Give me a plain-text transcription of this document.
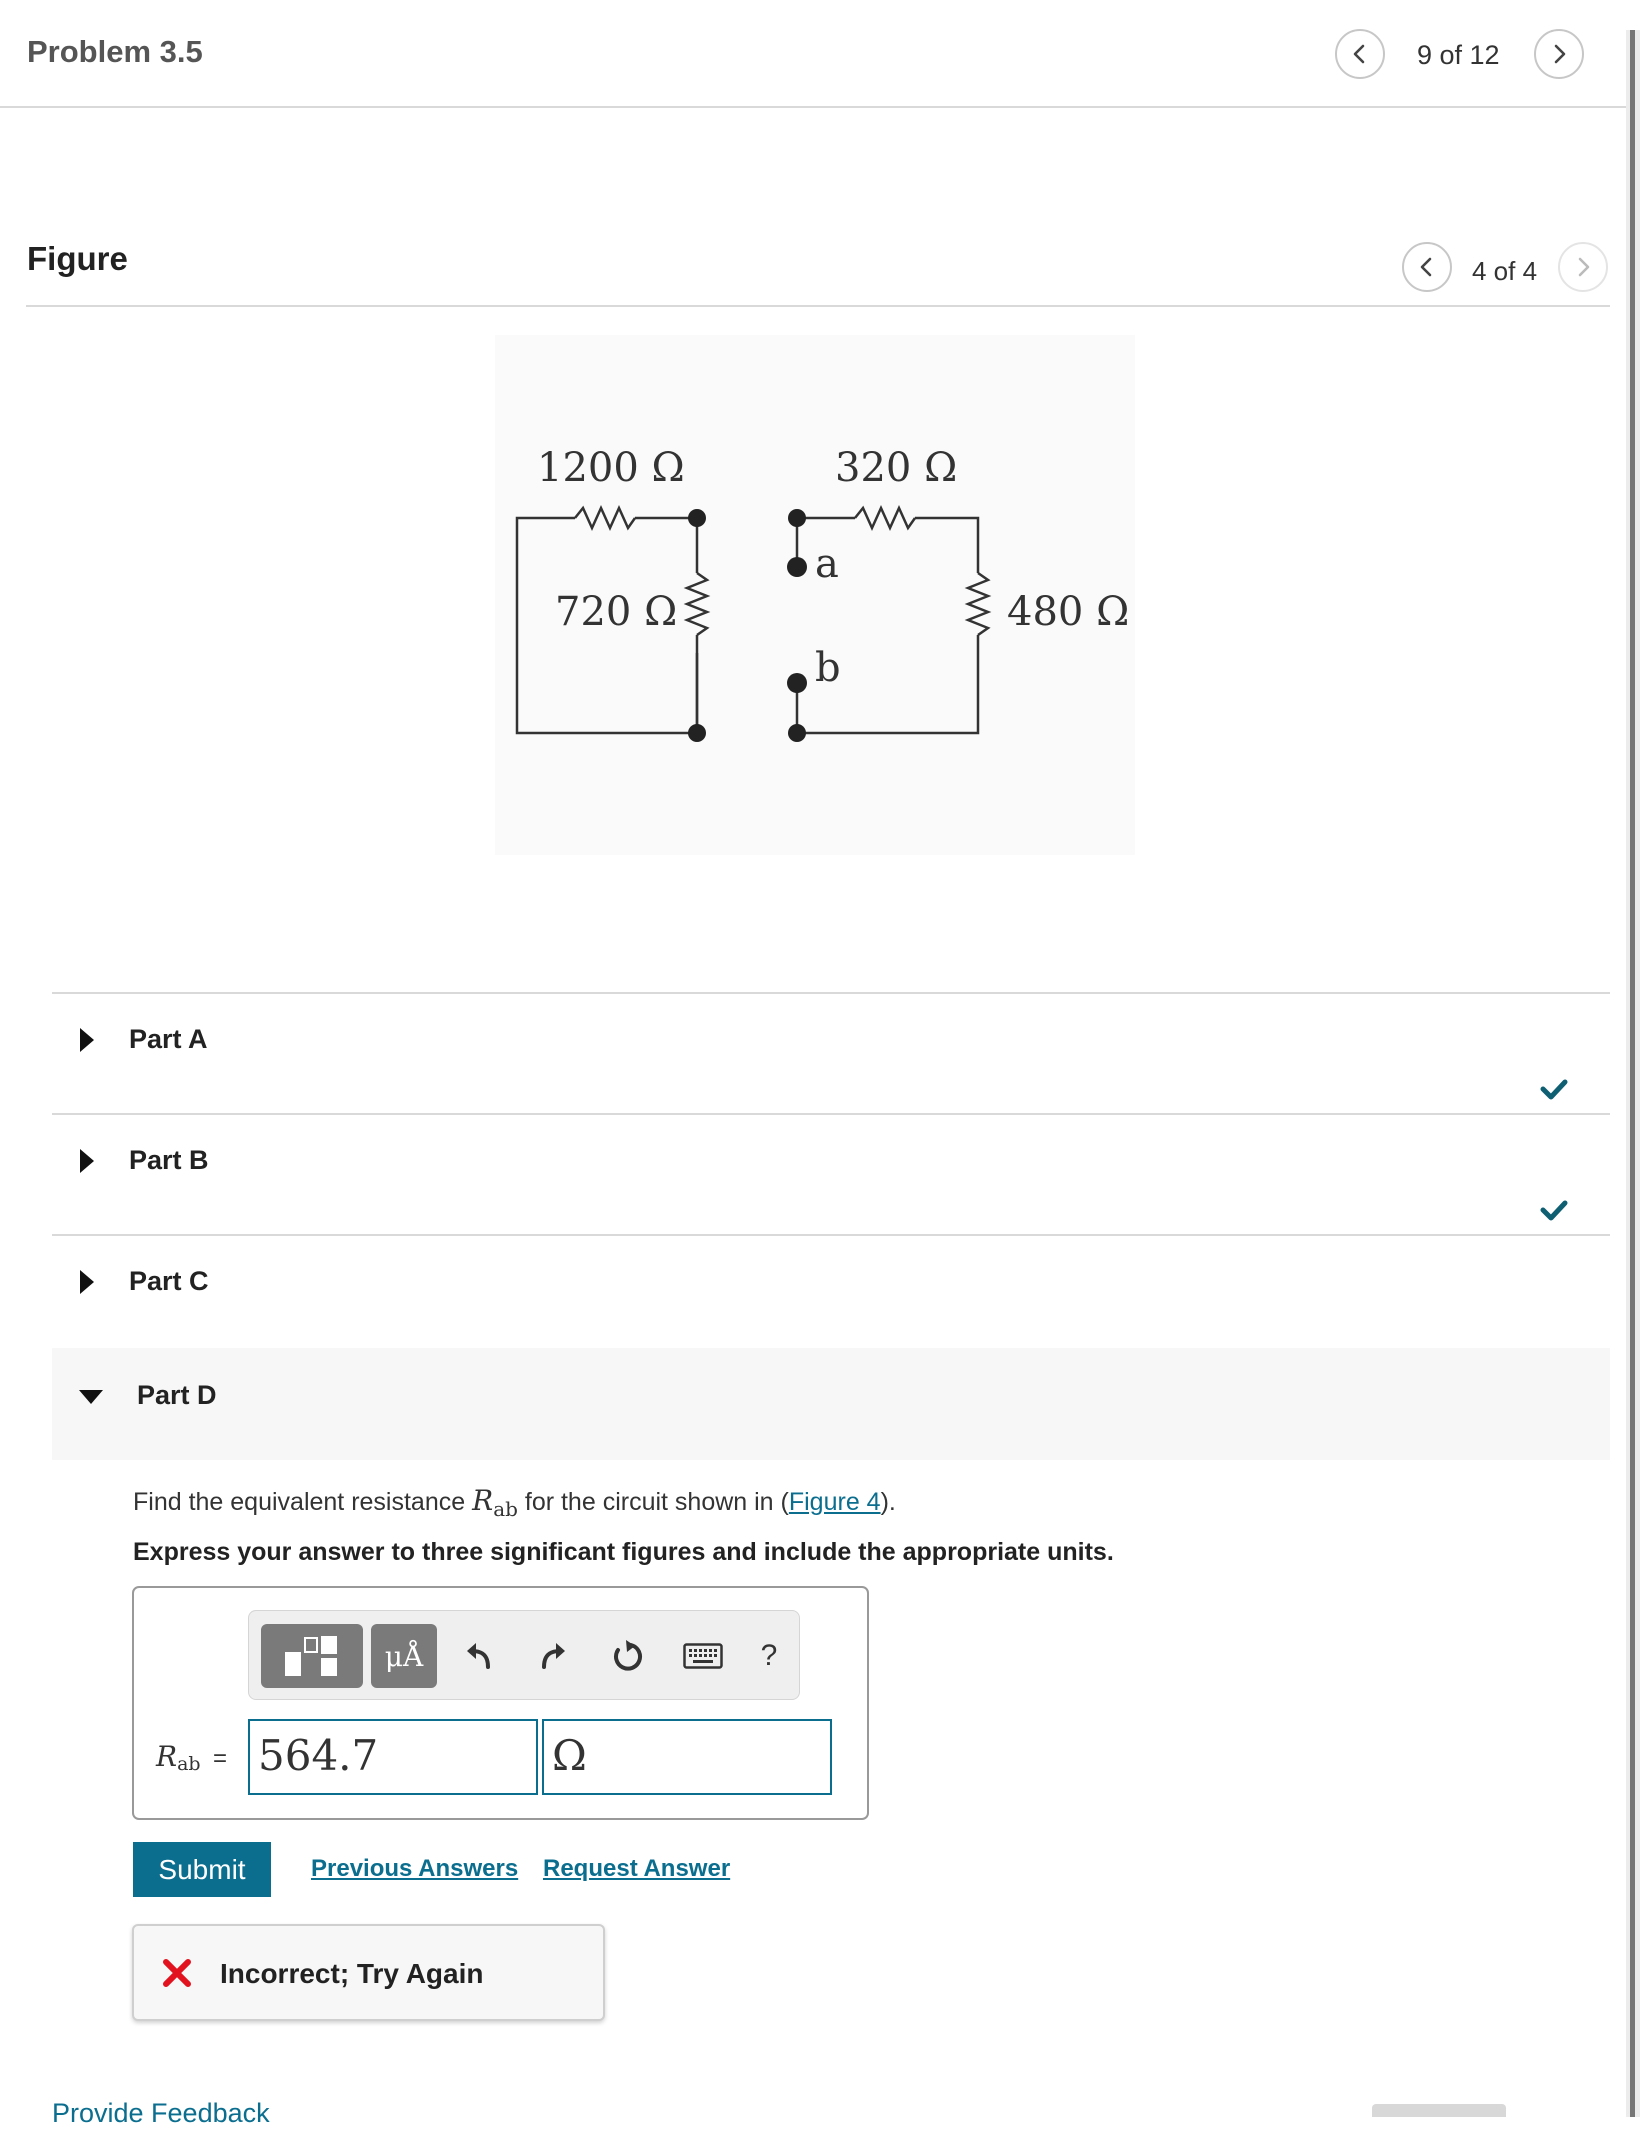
Problem 3.5	9 of 12
Figure	4 of 4
1200 Ω	320 Ω
720 Ω	480 Ω
a
b
Part A
Part B
Part C
Part D
Find the equivalent resistance $R_{ab}$ for the circuit shown in (Figure 4).
Express your answer to three significant figures and include the appropriate units.
μÅ	?
$R_{ab} = 564.7$	Ω
Submit	Previous Answers Request Answer
Incorrect; Try Again
Provide Feedback
